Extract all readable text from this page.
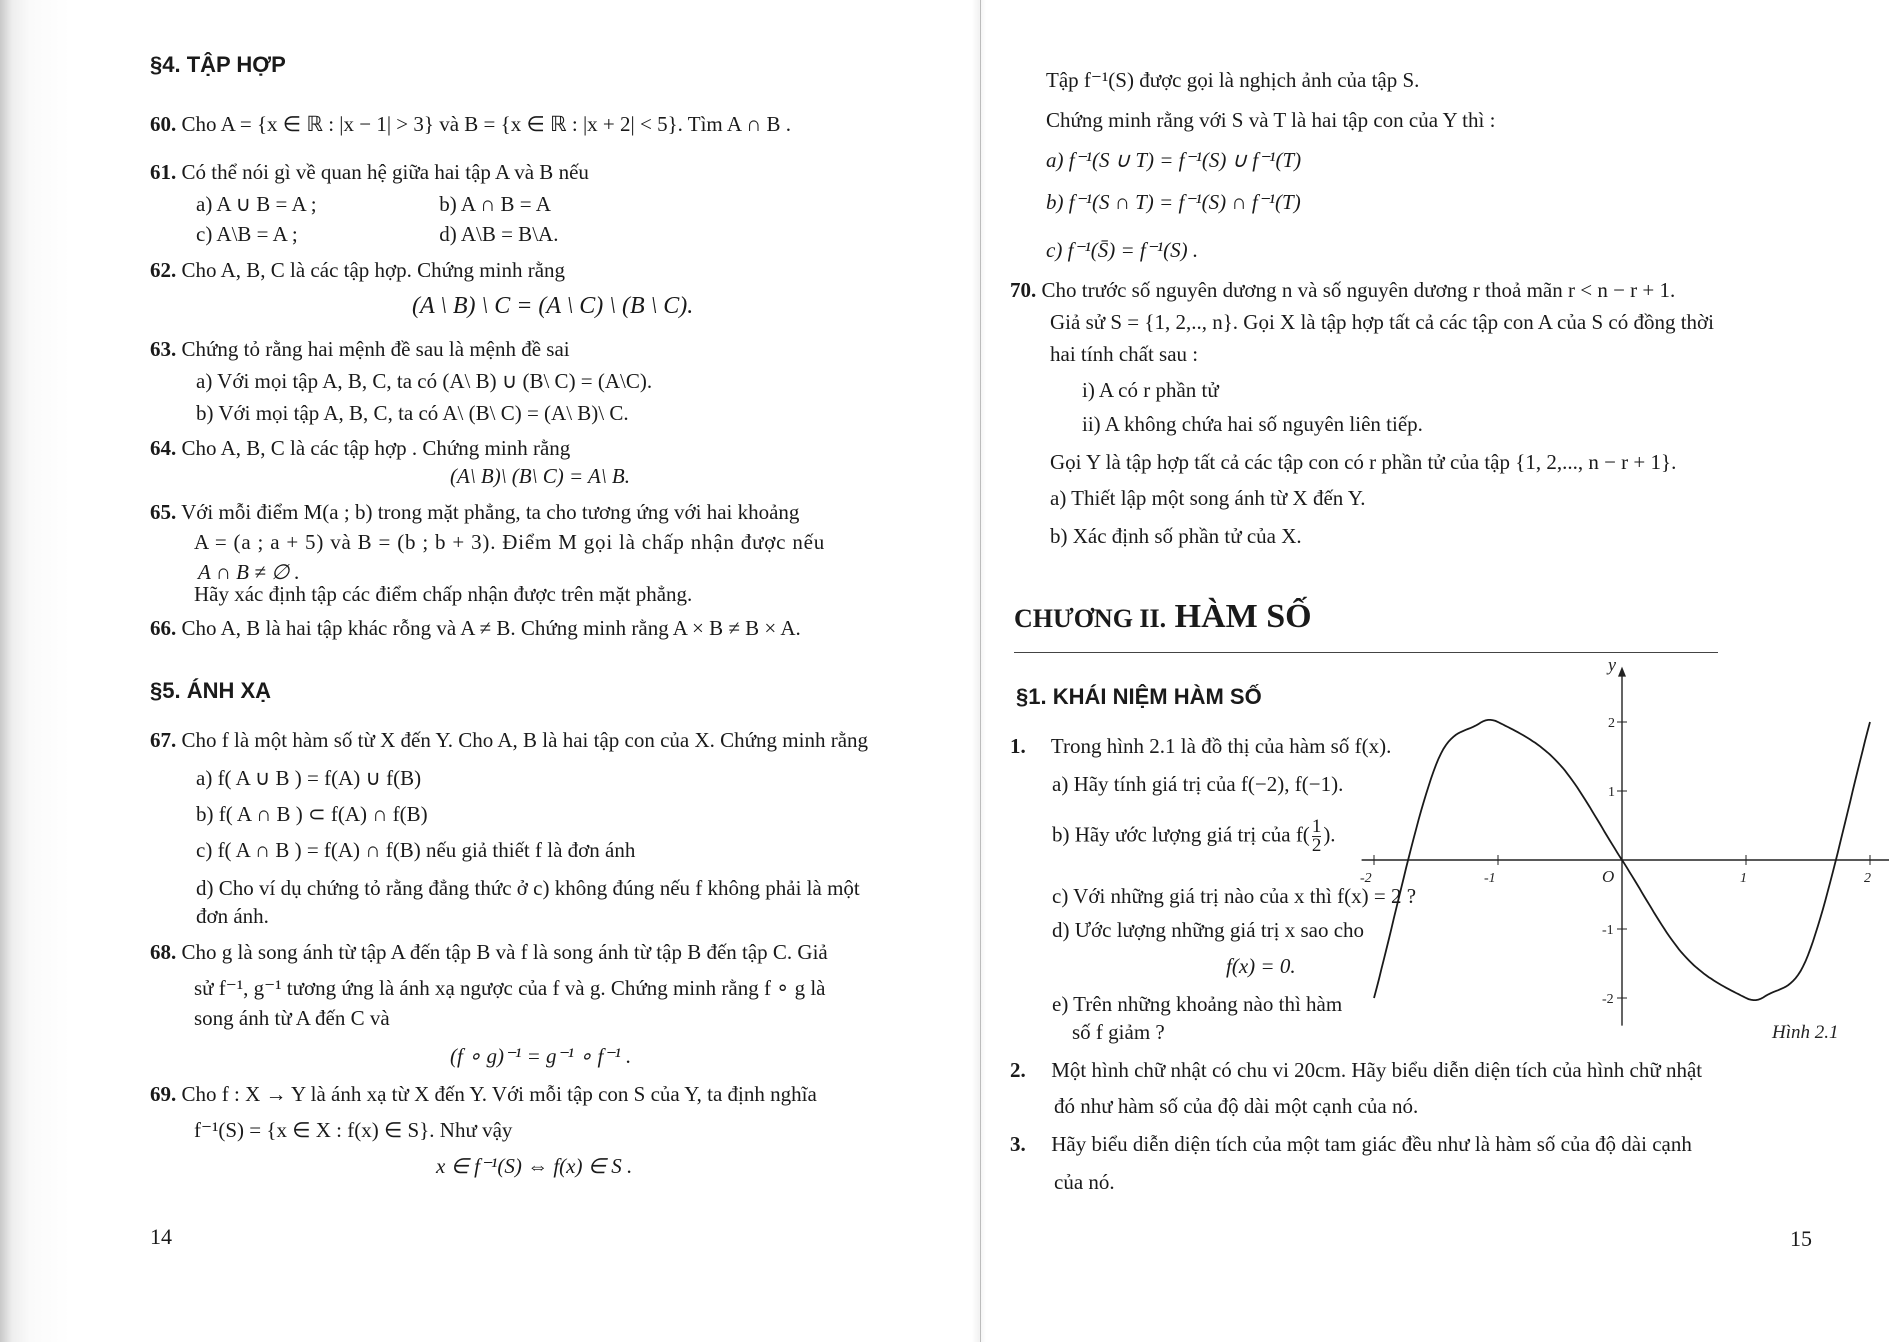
§4. TẬP HỢP
60. Cho A = {x ∈ ℝ : |x − 1| > 3} và B = {x ∈ ℝ : |x + 2| < 5}. Tìm A ∩ B .
61. Có thể nói gì về quan hệ giữa hai tập A và B nếu
a) A ∪ B = A ;	b) A ∩ B = A
c) A\B = A ;	d) A\B = B\A.
62. Cho A, B, C là các tập hợp. Chứng minh rằng
(A \ B) \ C = (A \ C) \ (B \ C).
63. Chứng tỏ rằng hai mệnh đề sau là mệnh đề sai
a) Với mọi tập A, B, C, ta có (A\ B) ∪ (B\ C) = (A\C).
b) Với mọi tập A, B, C, ta có A\ (B\ C) = (A\ B)\ C.
64. Cho A, B, C là các tập hợp . Chứng minh rằng
(A\ B)\ (B\ C) = A\ B.
65. Với mỗi điểm M(a ; b) trong mặt phẳng, ta cho tương ứng với hai khoảng
A = (a ; a + 5) và B = (b ; b + 3). Điểm M gọi là chấp nhận được nếu
A ∩ B ≠ ∅ .
Hãy xác định tập các điểm chấp nhận được trên mặt phẳng.
66. Cho A, B là hai tập khác rỗng và A ≠ B. Chứng minh rằng A × B ≠ B × A.
§5. ÁNH XẠ
67. Cho f là một hàm số từ X đến Y. Cho A, B là hai tập con của X. Chứng minh rằng
a) f( A ∪ B ) = f(A) ∪ f(B)
b) f( A ∩ B ) ⊂ f(A) ∩ f(B)
c) f( A ∩ B ) = f(A) ∩ f(B) nếu giả thiết f là đơn ánh
d) Cho ví dụ chứng tỏ rằng đẳng thức ở c) không đúng nếu f không phải là một
đơn ánh.
68. Cho g là song ánh từ tập A đến tập B và f là song ánh từ tập B đến tập C. Giả
sử f⁻¹, g⁻¹ tương ứng là ánh xạ ngược của f và g. Chứng minh rằng f ∘ g là
song ánh từ A đến C và
(f ∘ g)⁻¹ = g⁻¹ ∘ f⁻¹ .
69. Cho f : X → Y là ánh xạ từ X đến Y. Với mỗi tập con S của Y, ta định nghĩa
f⁻¹(S) = {x ∈ X : f(x) ∈ S}. Như vậy
x ∈ f⁻¹(S) ⇔ f(x) ∈ S .
14
Tập f⁻¹(S) được gọi là nghịch ảnh của tập S.
Chứng minh rằng với S và T là hai tập con của Y thì :
a) f⁻¹(S ∪ T) = f⁻¹(S) ∪ f⁻¹(T)
b) f⁻¹(S ∩ T) = f⁻¹(S) ∩ f⁻¹(T)
c) f⁻¹(S̄) = f⁻¹(S) .
70. Cho trước số nguyên dương n và số nguyên dương r thoả mãn r < n − r + 1.
Giả sử S = {1, 2,.., n}. Gọi X là tập hợp tất cả các tập con A của S có đồng thời
hai tính chất sau :
i) A có r phần tử
ii) A không chứa hai số nguyên liên tiếp.
Gọi Y là tập hợp tất cả các tập con có r phần tử của tập {1, 2,..., n − r + 1}.
a) Thiết lập một song ánh từ X đến Y.
b) Xác định số phần tử của X.
CHƯƠNG II. HÀM SỐ
§1. KHÁI NIỆM HÀM SỐ
1. Trong hình 2.1 là đồ thị của hàm số f(x).
a) Hãy tính giá trị của f(−2), f(−1).
b) Hãy ước lượng giá trị của $f( \frac{1}{2}$ ).
c) Với những giá trị nào của x thì f(x) = 2 ?
d) Ước lượng những giá trị x sao cho
f(x) = 0.
e) Trên những khoảng nào thì hàm
số f giảm ?
2. Một hình chữ nhật có chu vi 20cm. Hãy biểu diễn diện tích của hình chữ nhật
đó như hàm số của độ dài một cạnh của nó.
3. Hãy biểu diễn diện tích của một tam giác đều như là hàm số của độ dài cạnh
của nó.
15
-2	-1	O	1	2
2
1
-1
-2
y
Hình 2.1
